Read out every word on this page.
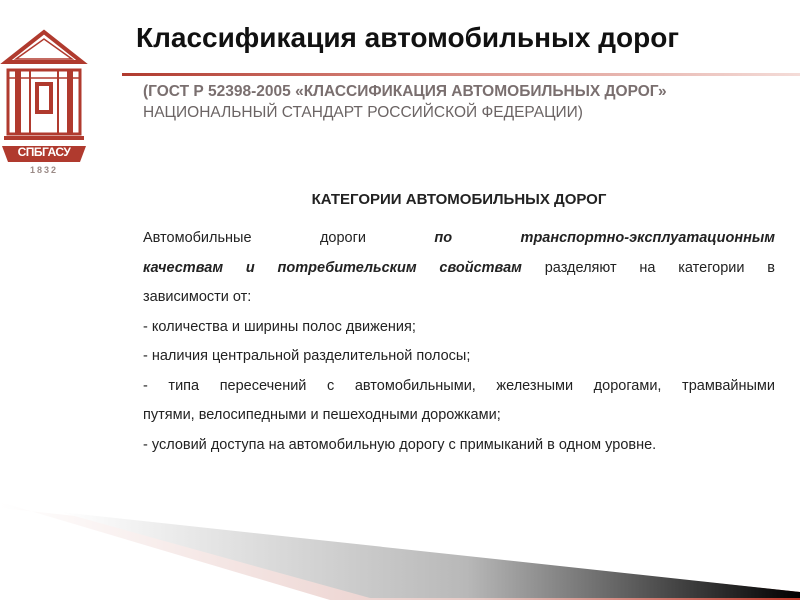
СПБГАСУ
1832
Классификация автомобильных дорог
(ГОСТ Р 52398-2005 «КЛАССИФИКАЦИЯ АВТОМОБИЛЬНЫХ ДОРОГ»
НАЦИОНАЛЬНЫЙ СТАНДАРТ РОССИЙСКОЙ ФЕДЕРАЦИИ)
КАТЕГОРИИ АВТОМОБИЛЬНЫХ ДОРОГ
Автомобильные дороги по транспортно-эксплуатационным
качествам и потребительским свойствам разделяют на категории в
зависимости от:
- количества и ширины полос движения;
- наличия центральной разделительной полосы;
- типа пересечений с автомобильными, железными дорогами, трамвайными
путями, велосипедными и пешеходными дорожками;
- условий доступа на автомобильную дорогу с примыканий в одном уровне.
